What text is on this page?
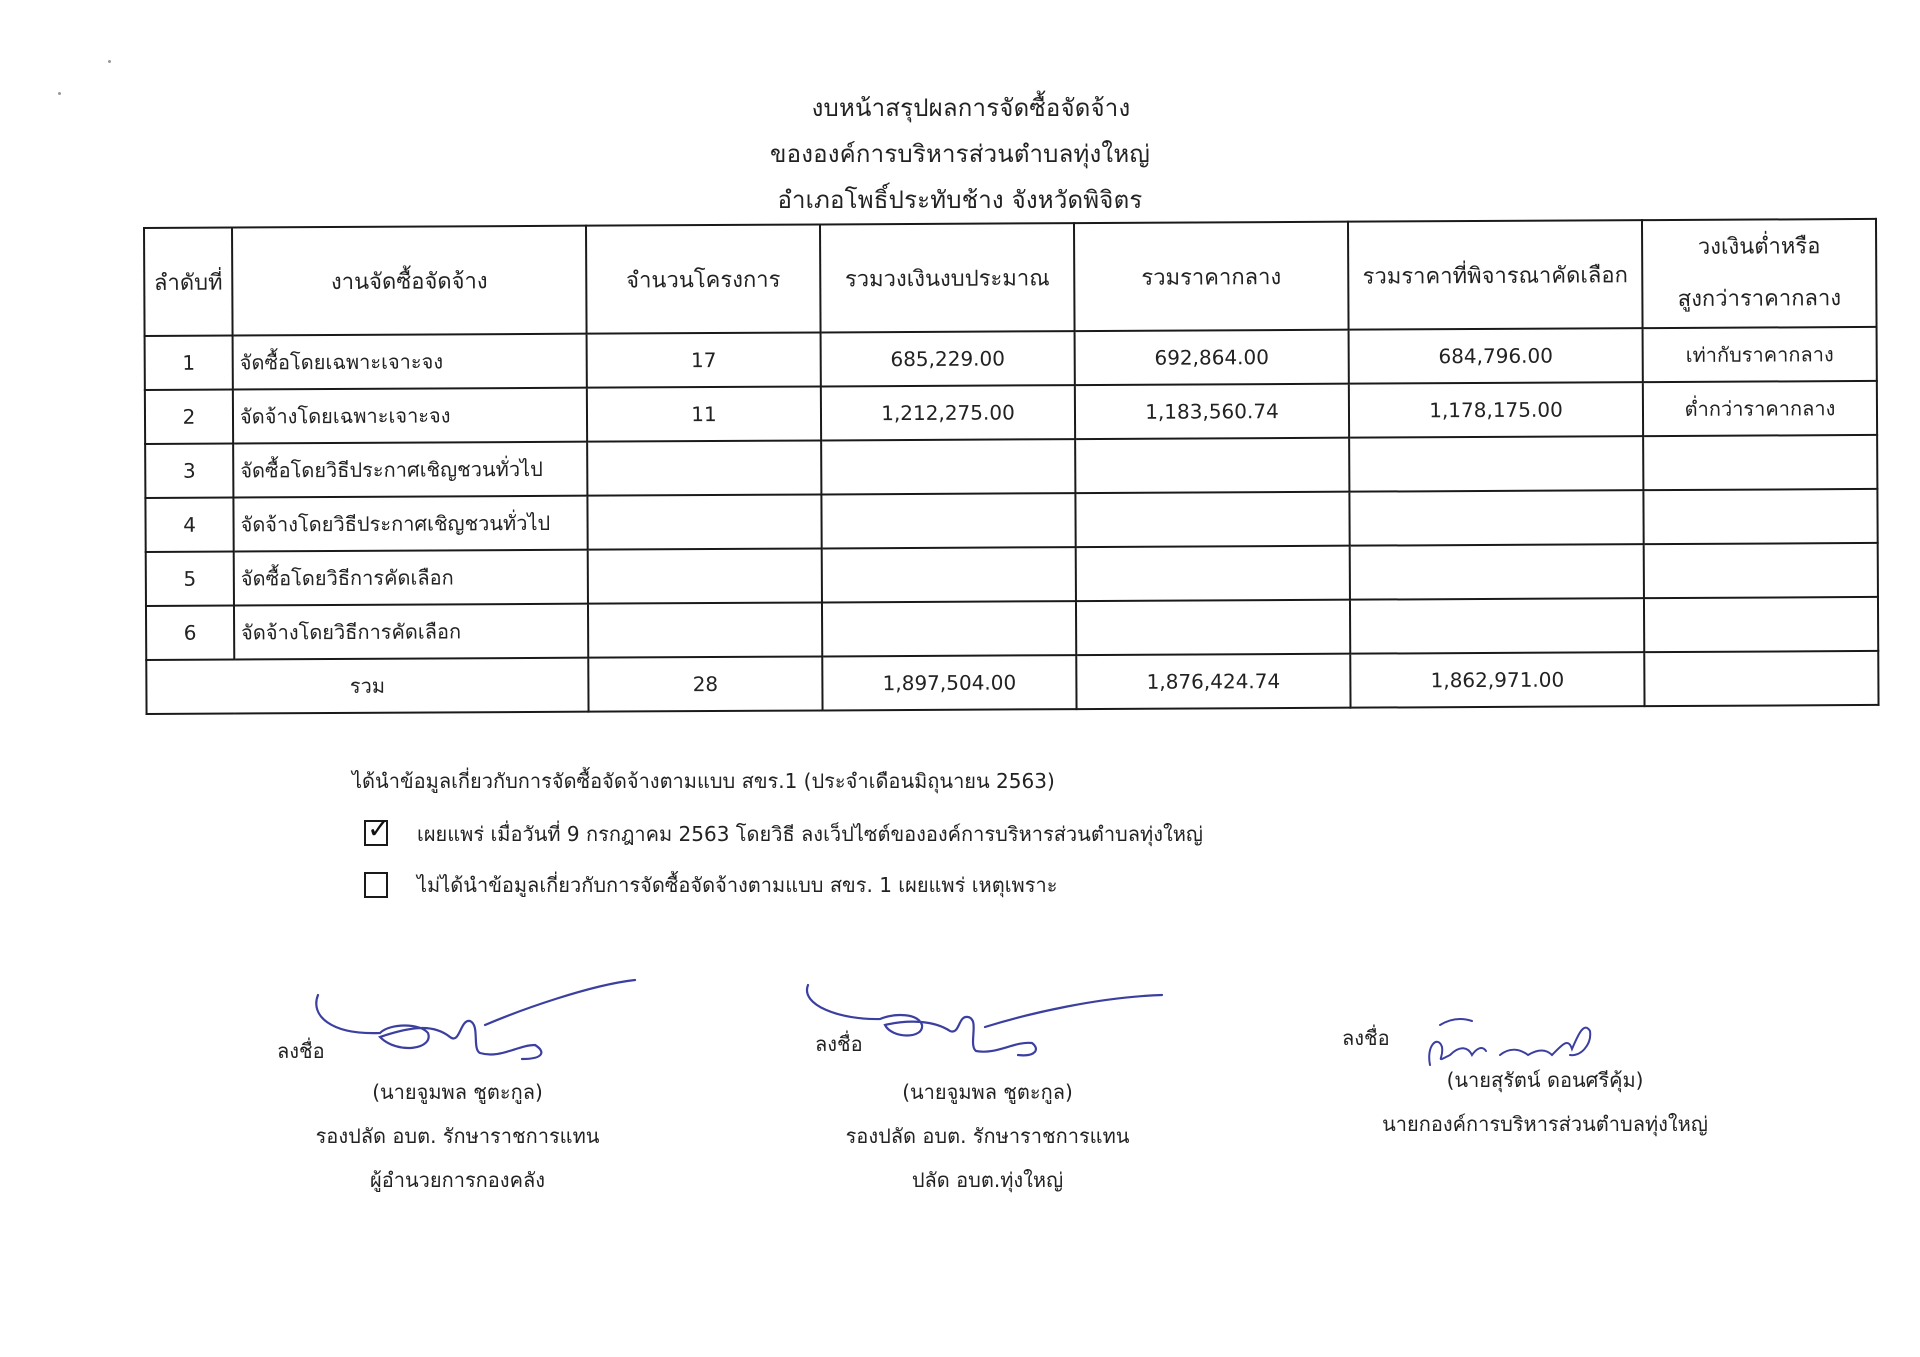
งบหน้าสรุปผลการจัดซื้อจัดจ้าง
ขององค์การบริหารส่วนตำบลทุ่งใหญ่
อำเภอโพธิ์ประทับช้าง จังหวัดพิจิตร
ลำดับที่	งานจัดซื้อจัดจ้าง	จำนวนโครงการ	รวมวงเงินงบประมาณ	รวมราคากลาง	รวมราคาที่พิจารณาคัดเลือก	วงเงินต่ำหรือ
สูงกว่าราคากลาง

1	จัดซื้อโดยเฉพาะเจาะจง	17	685,229.00	692,864.00	684,796.00	เท่ากับราคากลาง
2	จัดจ้างโดยเฉพาะเจาะจง	11	1,212,275.00	1,183,560.74	1,178,175.00	ต่ำกว่าราคากลาง
3	จัดซื้อโดยวิธีประกาศเชิญชวนทั่วไป					
4	จัดจ้างโดยวิธีประกาศเชิญชวนทั่วไป					
5	จัดซื้อโดยวิธีการคัดเลือก					
6	จัดจ้างโดยวิธีการคัดเลือก					
รวม		28	1,897,504.00	1,876,424.74	1,862,971.00	
ได้นำข้อมูลเกี่ยวกับการจัดซื้อจัดจ้างตามแบบ สขร.1 (ประจำเดือนมิถุนายน 2563)
✓ เผยแพร่ เมื่อวันที่ 9 กรกฎาคม 2563 โดยวิธี ลงเว็ปไซต์ขององค์การบริหารส่วนตำบลทุ่งใหญ่
ไม่ได้นำข้อมูลเกี่ยวกับการจัดซื้อจัดจ้างตามแบบ สขร. 1 เผยแพร่ เหตุเพราะ
ลงชื่อ
(นายจูมพล ชูตะกูล)
รองปลัด อบต. รักษาราชการแทน
ผู้อำนวยการกองคลัง
ลงชื่อ
(นายจูมพล ชูตะกูล)
รองปลัด อบต. รักษาราชการแทน
ปลัด อบต.ทุ่งใหญ่
ลงชื่อ
(นายสุรัตน์ ดอนศรีคุ้ม)
นายกองค์การบริหารส่วนตำบลทุ่งใหญ่
